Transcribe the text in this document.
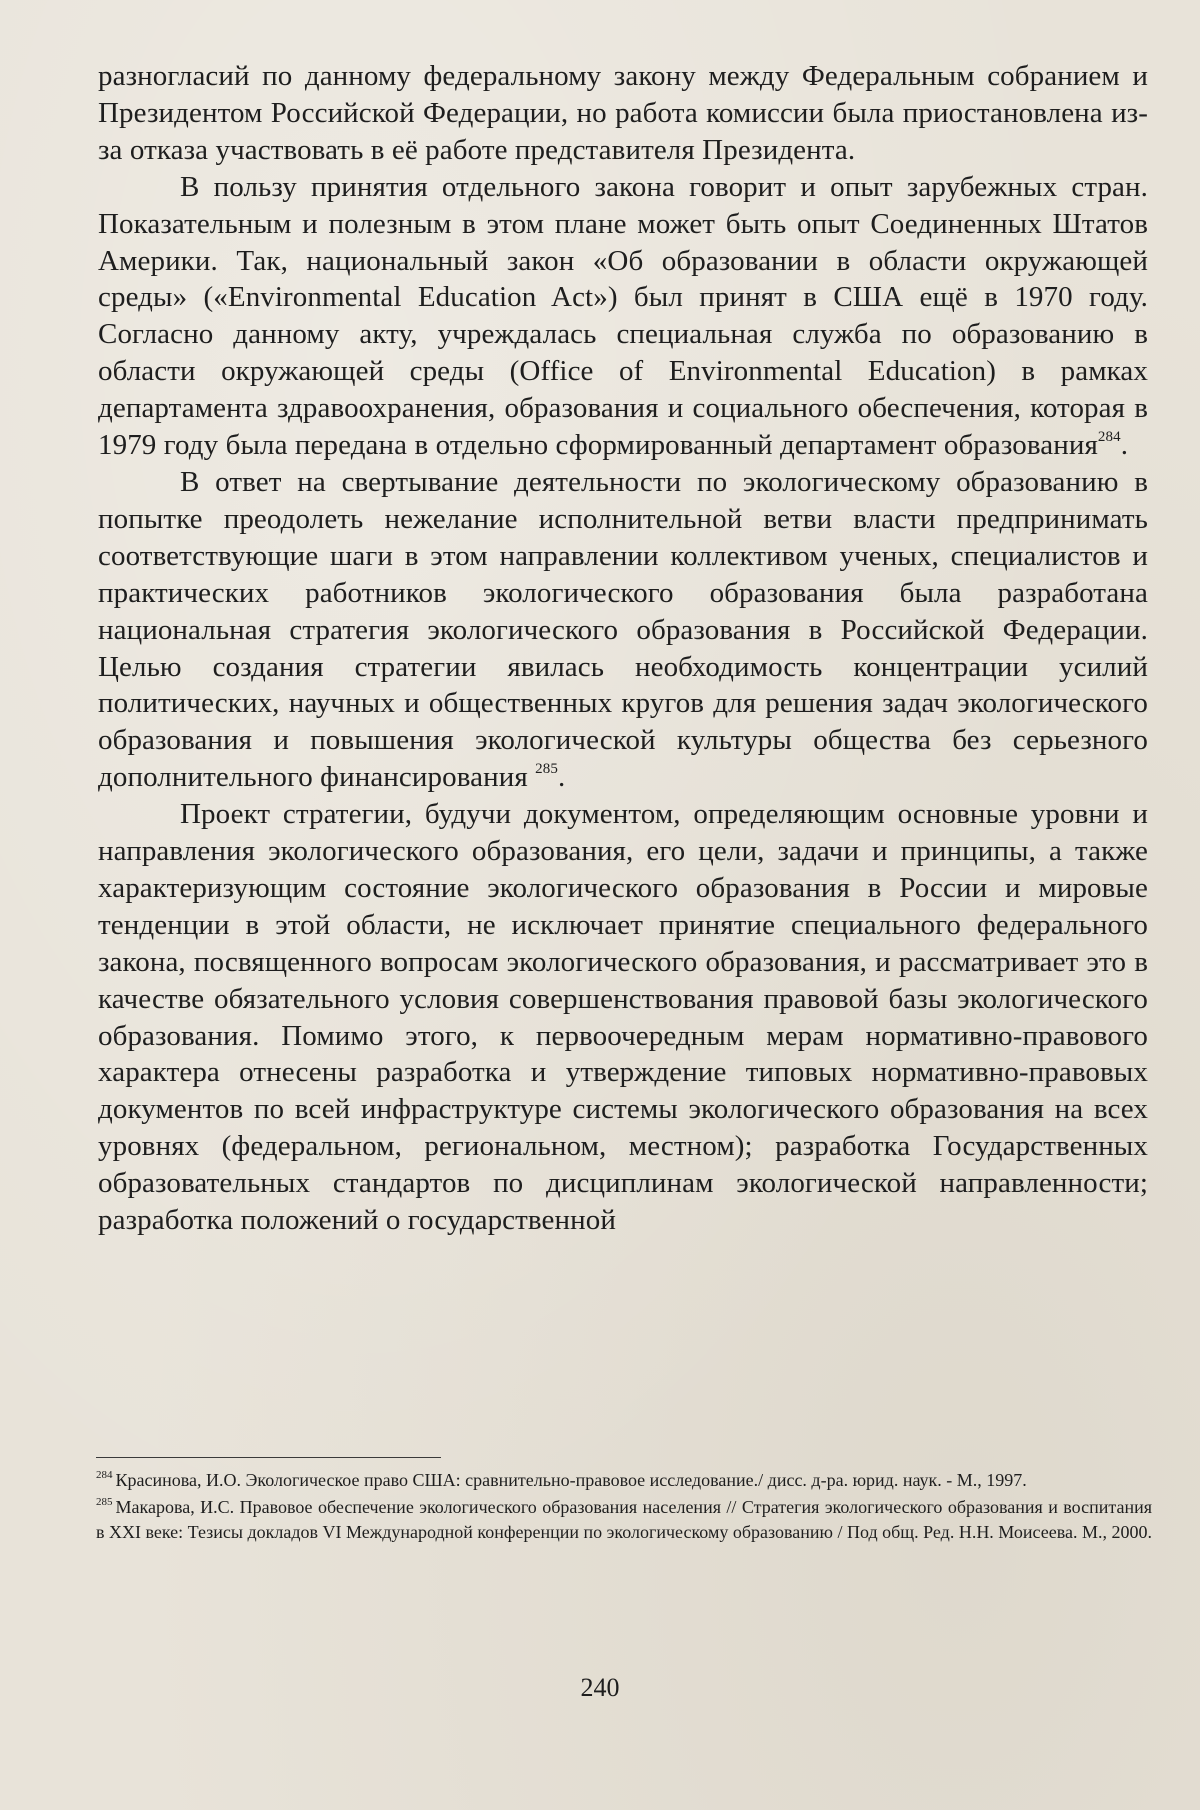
разногласий по данному федеральному закону между Федеральным собранием и Президентом Российской Федерации, но работа комиссии была приостановлена из-за отказа участвовать в её работе представителя Президента.

В пользу принятия отдельного закона говорит и опыт зарубежных стран. Показательным и полезным в этом плане может быть опыт Соединенных Штатов Америки. Так, национальный закон «Об образовании в области окружающей среды» («Environmental Education Act») был принят в США ещё в 1970 году. Согласно данному акту, учреждалась специальная служба по образованию в области окружающей среды (Office of Environmental Education) в рамках департамента здравоохранения, образования и социального обеспечения, которая в 1979 году была передана в отдельно сформированный департамент образования$^{284}$.

В ответ на свертывание деятельности по экологическому образованию в попытке преодолеть нежелание исполнительной ветви власти предпринимать соответствующие шаги в этом направлении коллективом ученых, специалистов и практических работников экологического образования была разработана национальная стратегия экологического образования в Российской Федерации. Целью создания стратегии явилась необходимость концентрации усилий политических, научных и общественных кругов для решения задач экологического образования и повышения экологической культуры общества без серьезного дополнительного финансирования $^{285}$.

Проект стратегии, будучи документом, определяющим основные уровни и направления экологического образования, его цели, задачи и принципы, а также характеризующим состояние экологического образования в России и мировые тенденции в этой области, не исключает принятие специального федерального закона, посвященного вопросам экологического образования, и рассматривает это в качестве обязательного условия совершенствования правовой базы экологического образования. Помимо этого, к первоочередным мерам нормативно-правового характера отнесены разработка и утверждение типовых нормативно-правовых документов по всей инфраструктуре системы экологического образования на всех уровнях (федеральном, региональном, местном); разработка Государственных образовательных стандартов по дисциплинам экологической направленности; разработка положений о государственной

$^{284}$ Красинова, И.О. Экологическое право США: сравнительно-правовое исследование./ дисс. д-ра. юрид. наук. - М., 1997.
$^{285}$ Макарова, И.С. Правовое обеспечение экологического образования населения // Стратегия экологического образования и воспитания в XXI веке: Тезисы докладов VI Международной конференции по экологическому образованию / Под общ. Ред. Н.Н. Моисеева. М., 2000.
240
